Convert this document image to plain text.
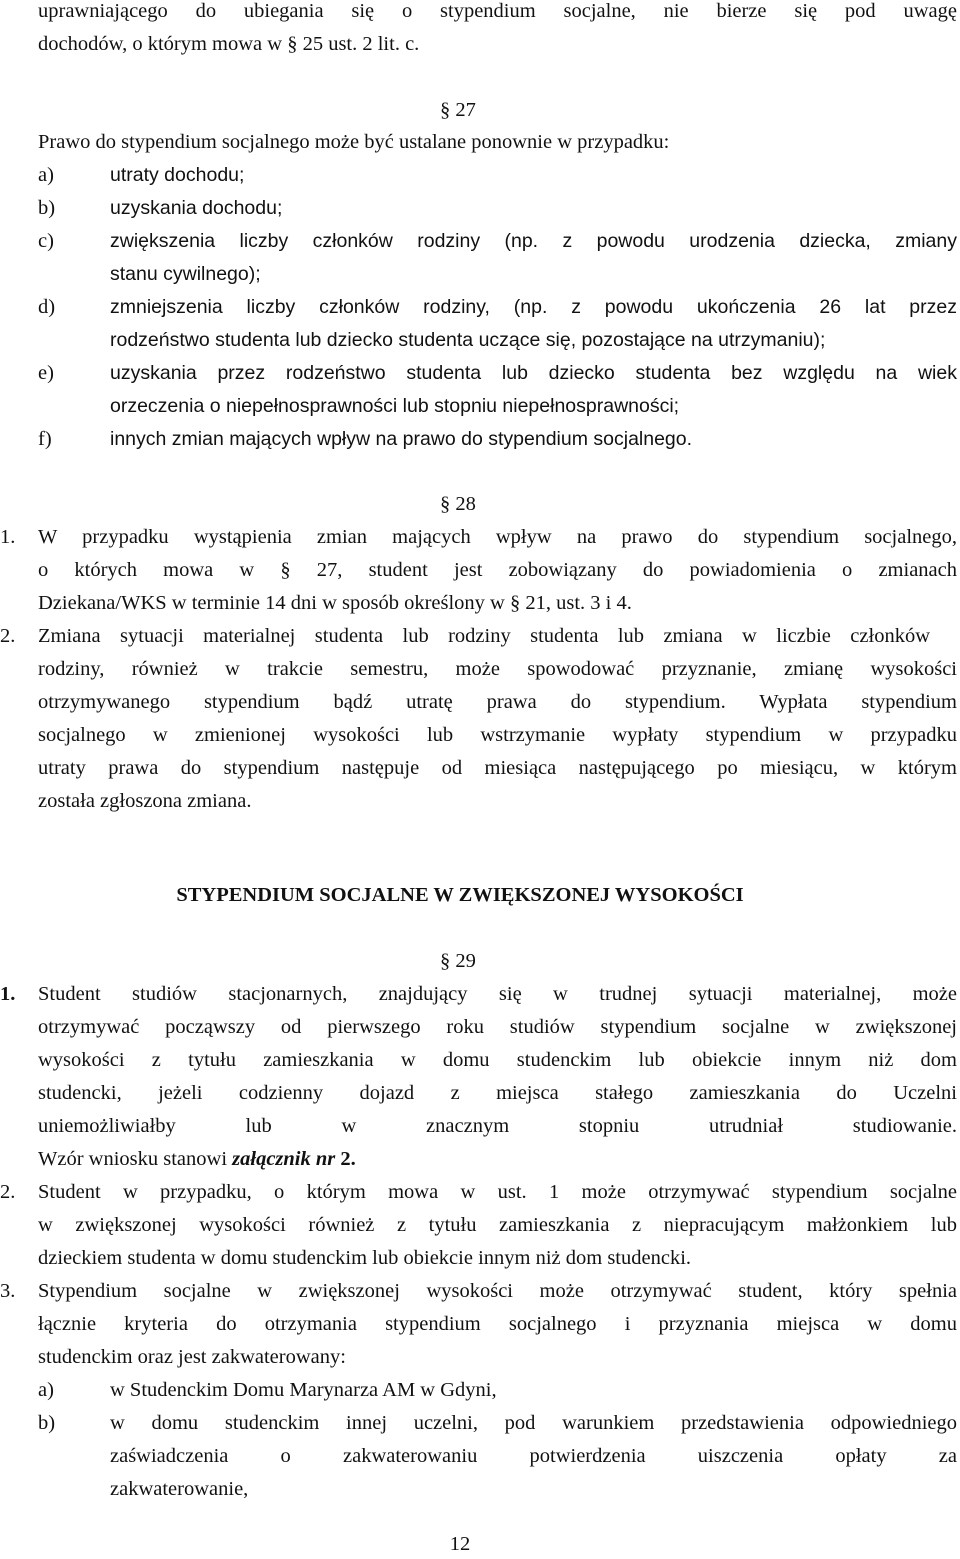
uprawniającego do ubiegania się o stypendium socjalne, nie bierze się pod uwagę
dochodów, o którym mowa w § 25 ust. 2 lit. c.
§ 27
Prawo do stypendium socjalnego może być ustalane ponownie w przypadku:
a)	utraty dochodu;
b)	uzyskania dochodu;
c)	zwiększenia liczby członków rodziny (np. z powodu urodzenia dziecka, zmiany
stanu cywilnego);
d)	zmniejszenia liczby członków rodziny, (np. z powodu ukończenia 26 lat przez
rodzeństwo studenta lub dziecko studenta uczące się, pozostające na utrzymaniu);
e)	uzyskania przez rodzeństwo studenta lub dziecko studenta bez względu na wiek
orzeczenia o niepełnosprawności lub stopniu niepełnosprawności;
f)	innych zmian mających wpływ na prawo do stypendium socjalnego.
§ 28
1. W przypadku wystąpienia zmian mających wpływ na prawo do stypendium socjalnego,
o których mowa w § 27, student jest zobowiązany do powiadomienia o zmianach
Dziekana/WKS w terminie 14 dni w sposób określony w § 21, ust. 3 i 4.
2. Zmiana sytuacji materialnej studenta lub rodziny studenta lub zmiana w liczbie członków
rodziny, również w trakcie semestru, może spowodować przyznanie, zmianę wysokości
otrzymywanego stypendium bądź utratę prawa do stypendium. Wypłata stypendium
socjalnego w zmienionej wysokości lub wstrzymanie wypłaty stypendium w przypadku
utraty prawa do stypendium następuje od miesiąca następującego po miesiącu, w którym
została zgłoszona zmiana.
STYPENDIUM SOCJALNE W ZWIĘKSZONEJ WYSOKOŚCI
§ 29
1. Student studiów stacjonarnych, znajdujący się w trudnej sytuacji materialnej, może
otrzymywać począwszy od pierwszego roku studiów stypendium socjalne w zwiększonej
wysokości z tytułu zamieszkania w domu studenckim lub obiekcie innym niż dom
studencki, jeżeli codzienny dojazd z miejsca stałego zamieszkania do Uczelni
uniemożliwiałby lub w znacznym stopniu utrudniał studiowanie.
Wzór wniosku stanowi załącznik nr 2.
2. Student w przypadku, o którym mowa w ust. 1 może otrzymywać stypendium socjalne
w zwiększonej wysokości również z tytułu zamieszkania z niepracującym małżonkiem lub
dzieckiem studenta w domu studenckim lub obiekcie innym niż dom studencki.
3. Stypendium socjalne w zwiększonej wysokości może otrzymywać student, który spełnia
łącznie kryteria do otrzymania stypendium socjalnego i przyznania miejsca w domu
studenckim oraz jest zakwaterowany:
a)	w Studenckim Domu Marynarza AM w Gdyni,
b)	w domu studenckim innej uczelni, pod warunkiem przedstawienia odpowiedniego
zaświadczenia o zakwaterowaniu potwierdzenia uiszczenia opłaty za
zakwaterowanie,
12
